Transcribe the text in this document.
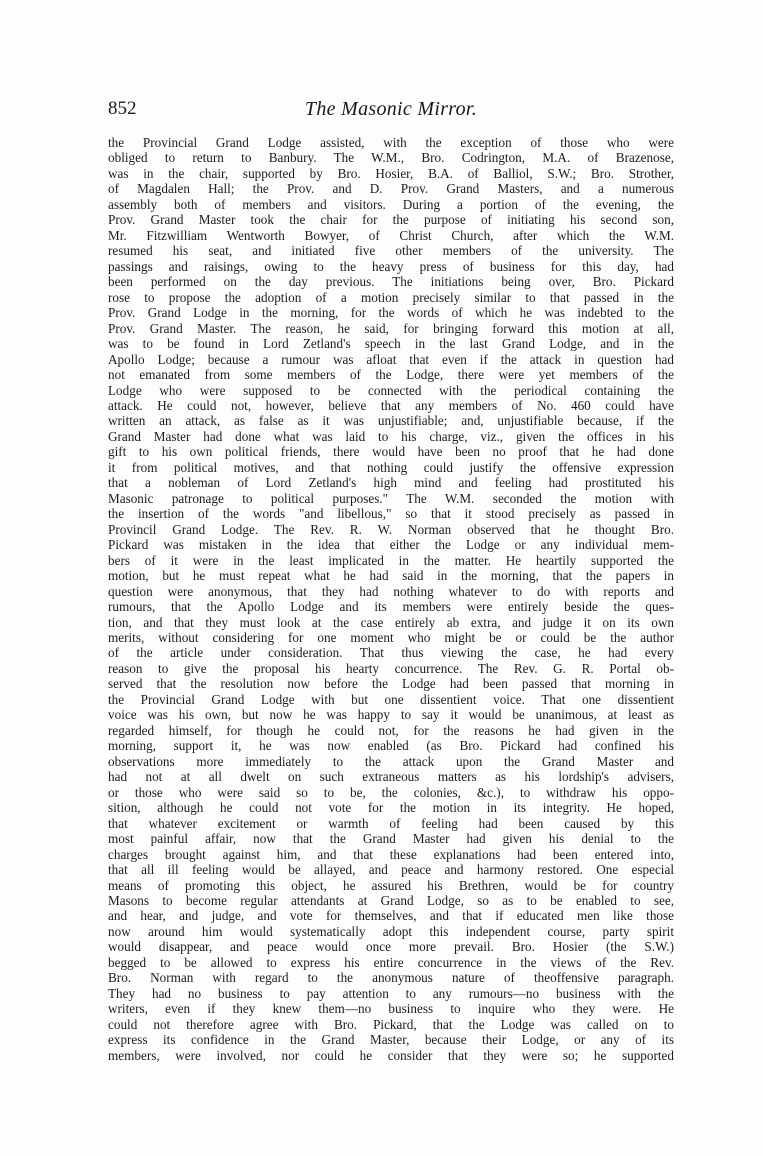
852	The Masonic Mirror.
the Provincial Grand Lodge assisted, with the exception of those who were
obliged to return to Banbury. The W.M., Bro. Codrington, M.A. of Brazenose,
was in the chair, supported by Bro. Hosier, B.A. of Balliol, S.W.; Bro. Strother,
of Magdalen Hall; the Prov. and D. Prov. Grand Masters, and a numerous
assembly both of members and visitors. During a portion of the evening, the
Prov. Grand Master took the chair for the purpose of initiating his second son,
Mr. Fitzwilliam Wentworth Bowyer, of Christ Church, after which the W.M.
resumed his seat, and initiated five other members of the university. The
passings and raisings, owing to the heavy press of business for this day, had
been performed on the day previous. The initiations being over, Bro. Pickard
rose to propose the adoption of a motion precisely similar to that passed in the
Prov. Grand Lodge in the morning, for the words of which he was indebted to the
Prov. Grand Master. The reason, he said, for bringing forward this motion at all,
was to be found in Lord Zetland's speech in the last Grand Lodge, and in the
Apollo Lodge; because a rumour was afloat that even if the attack in question had
not emanated from some members of the Lodge, there were yet members of the
Lodge who were supposed to be connected with the periodical containing the
attack. He could not, however, believe that any members of No. 460 could have
written an attack, as false as it was unjustifiable; and, unjustifiable because, if the
Grand Master had done what was laid to his charge, viz., given the offices in his
gift to his own political friends, there would have been no proof that he had done
it from political motives, and that nothing could justify the offensive expression
that a nobleman of Lord Zetland's high mind and feeling had prostituted his
Masonic patronage to political purposes." The W.M. seconded the motion with
the insertion of the words "and libellous," so that it stood precisely as passed in
Provincil Grand Lodge. The Rev. R. W. Norman observed that he thought Bro.
Pickard was mistaken in the idea that either the Lodge or any individual mem-
bers of it were in the least implicated in the matter. He heartily supported the
motion, but he must repeat what he had said in the morning, that the papers in
question were anonymous, that they had nothing whatever to do with reports and
rumours, that the Apollo Lodge and its members were entirely beside the ques-
tion, and that they must look at the case entirely ab extra, and judge it on its own
merits, without considering for one moment who might be or could be the author
of the article under consideration. That thus viewing the case, he had every
reason to give the proposal his hearty concurrence. The Rev. G. R. Portal ob-
served that the resolution now before the Lodge had been passed that morning in
the Provincial Grand Lodge with but one dissentient voice. That one dissentient
voice was his own, but now he was happy to say it would be unanimous, at least as
regarded himself, for though he could not, for the reasons he had given in the
morning, support it, he was now enabled (as Bro. Pickard had confined his
observations more immediately to the attack upon the Grand Master and
had not at all dwelt on such extraneous matters as his lordship's advisers,
or those who were said so to be, the colonies, &c.), to withdraw his oppo-
sition, although he could not vote for the motion in its integrity. He hoped,
that whatever excitement or warmth of feeling had been caused by this
most painful affair, now that the Grand Master had given his denial to the
charges brought against him, and that these explanations had been entered into,
that all ill feeling would be allayed, and peace and harmony restored. One especial
means of promoting this object, he assured his Brethren, would be for country
Masons to become regular attendants at Grand Lodge, so as to be enabled to see,
and hear, and judge, and vote for themselves, and that if educated men like those
now around him would systematically adopt this independent course, party spirit
would disappear, and peace would once more prevail. Bro. Hosier (the S.W.)
begged to be allowed to express his entire concurrence in the views of the Rev.
Bro. Norman with regard to the anonymous nature of theoffensive paragraph.
They had no business to pay attention to any rumours—no business with the
writers, even if they knew them—no business to inquire who they were. He
could not therefore agree with Bro. Pickard, that the Lodge was called on to
express its confidence in the Grand Master, because their Lodge, or any of its
members, were involved, nor could he consider that they were so; he supported
